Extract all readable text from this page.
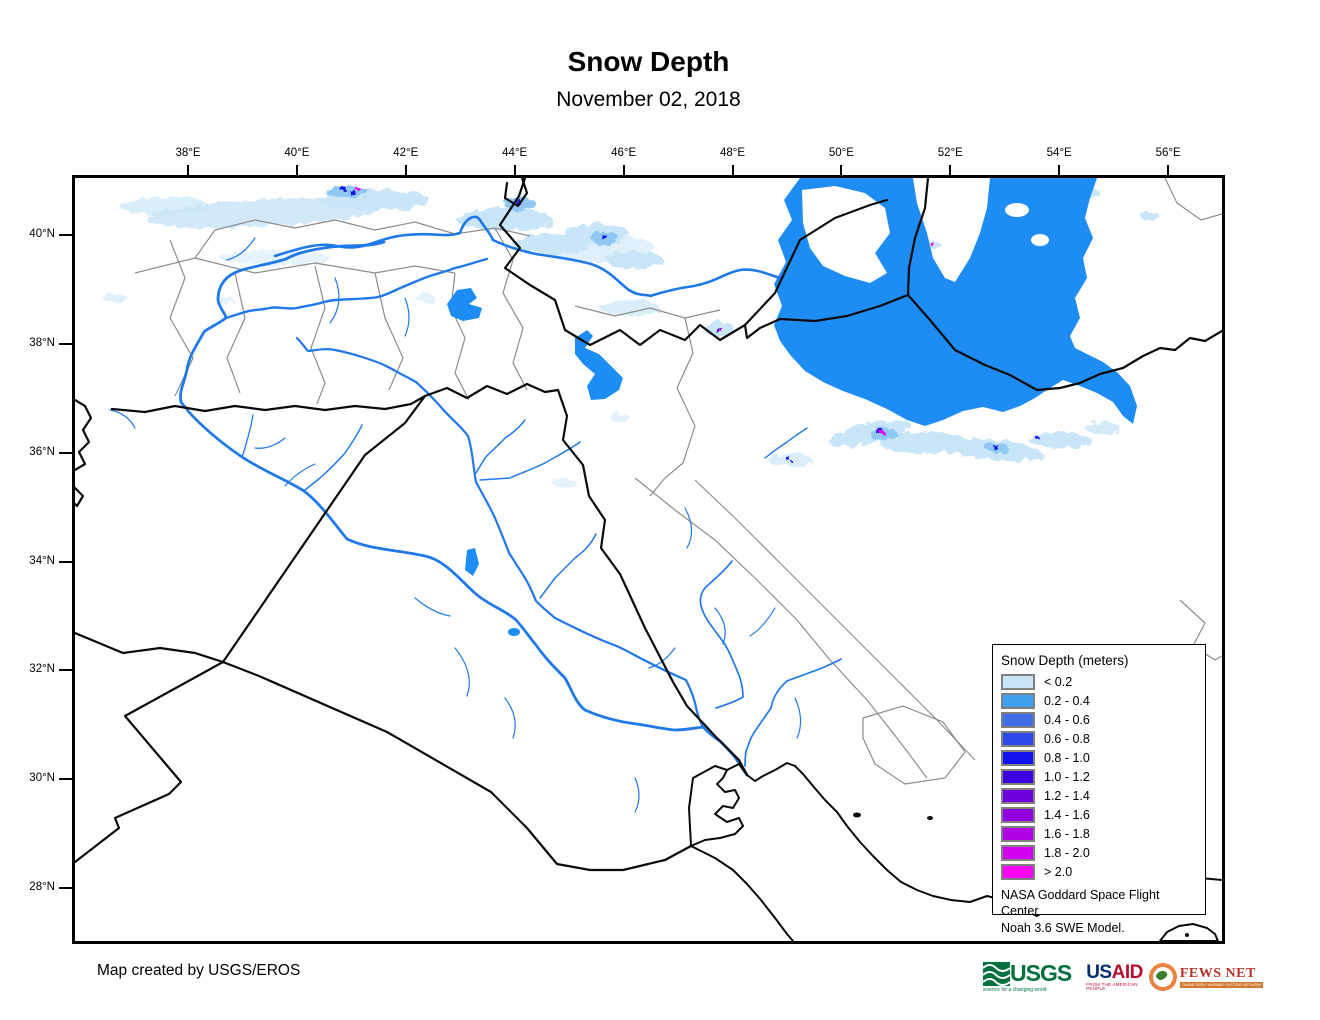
Snow Depth
November 02, 2018
38°E	40°E	42°E	44°E	46°E	48°E	50°E	52°E	54°E	56°E
40°N
38°N
36°N
34°N
32°N
30°N
28°N
Snow Depth (meters)
< 0.2
0.2 - 0.4
0.4 - 0.6
0.6 - 0.8
0.8 - 1.0
1.0 - 1.2
1.2 - 1.4
1.4 - 1.6
1.6 - 1.8
1.8 - 2.0
> 2.0
NASA Goddard Space Flight Center
Noah 3.6 SWE Model.
Map created by USGS/EROS	USGS
science for a changing world
USAID
FROM THE AMERICAN PEOPLE
FEWS NET
FAMINE EARLY WARNING SYSTEMS NETWORK
